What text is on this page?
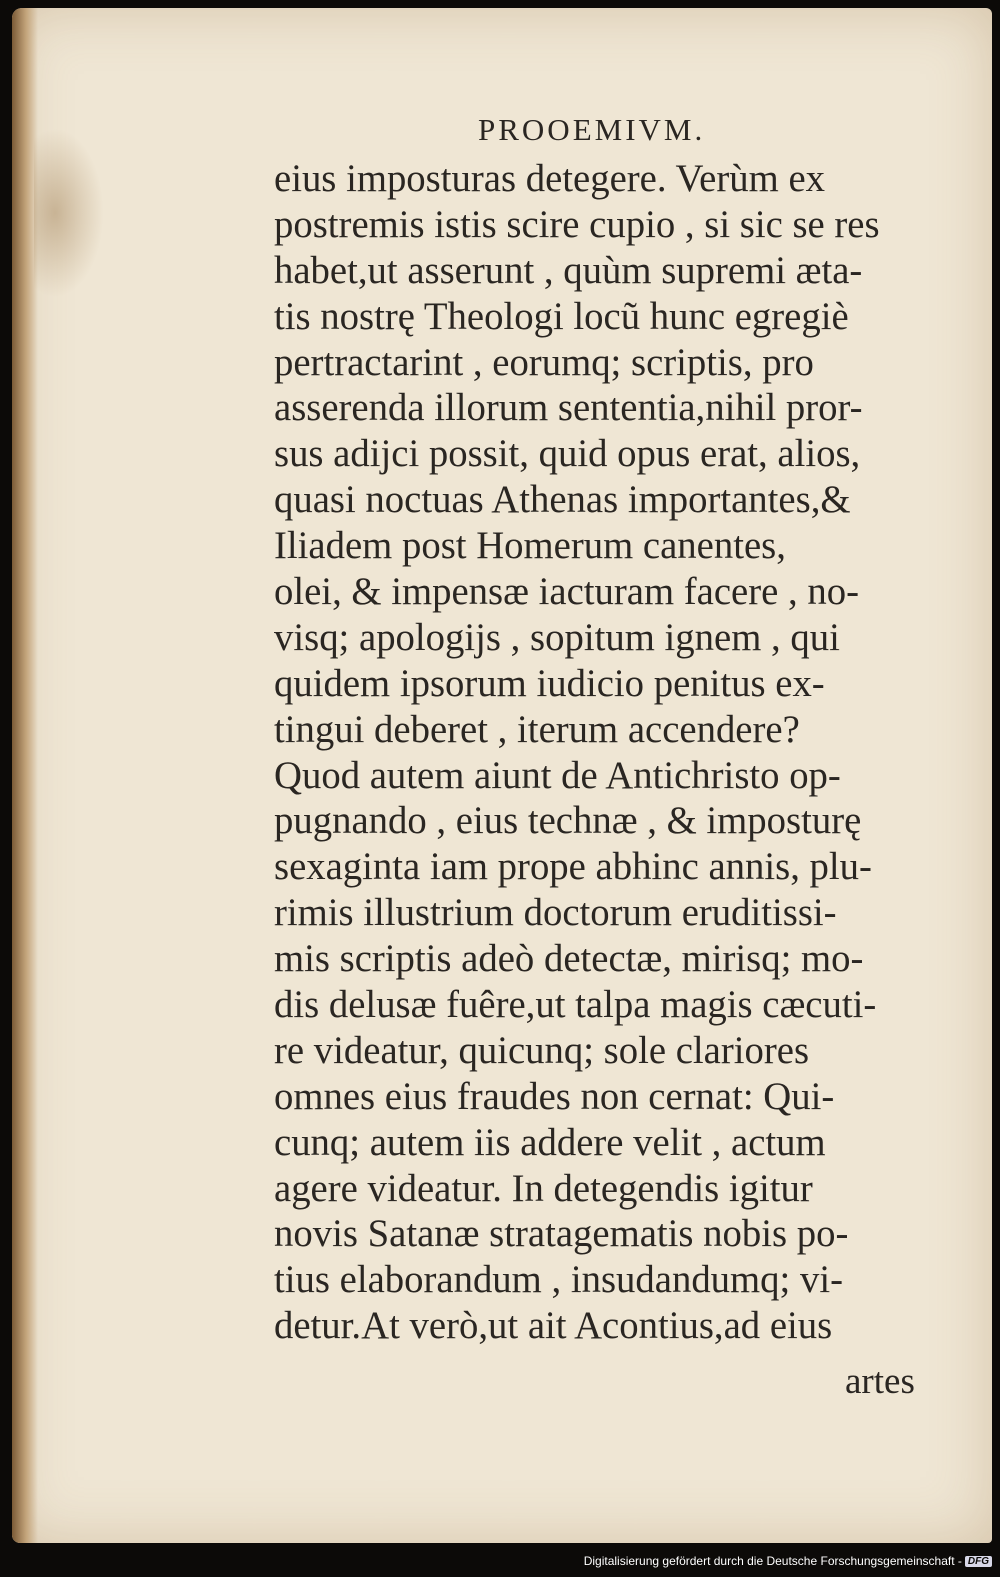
PROOEMIVM.
eius imposturas detegere. Verùm ex
postremis istis scire cupio , si sic se res
habet,ut asserunt , quùm supremi æta-
tis nostrę Theologi locũ hunc egregiè
pertractarint , eorumq; scriptis, pro
asserenda illorum sententia,nihil pror-
sus adijci possit, quid opus erat, alios,
quasi noctuas Athenas importantes,&
Iliadem post Homerum canentes,
olei, & impensæ iacturam facere , no-
visq; apologijs , sopitum ignem , qui
quidem ipsorum iudicio penitus ex-
tingui deberet , iterum accendere?
Quod autem aiunt de Antichristo op-
pugnando , eius technæ , & imposturę
sexaginta iam prope abhinc annis, plu-
rimis illustrium doctorum eruditissi-
mis scriptis adeò detectæ, mirisq; mo-
dis delusæ fuêre,ut talpa magis cæcuti-
re videatur, quicunq; sole clariores
omnes eius fraudes non cernat: Qui-
cunq; autem iis addere velit , actum
agere videatur. In detegendis igitur
novis Satanæ stratagematis nobis po-
tius elaborandum , insudandumq; vi-
detur.At verò,ut ait Acontius,ad eius
artes
Digitalisierung gefördert durch die Deutsche Forschungsgemeinschaft - DFG
